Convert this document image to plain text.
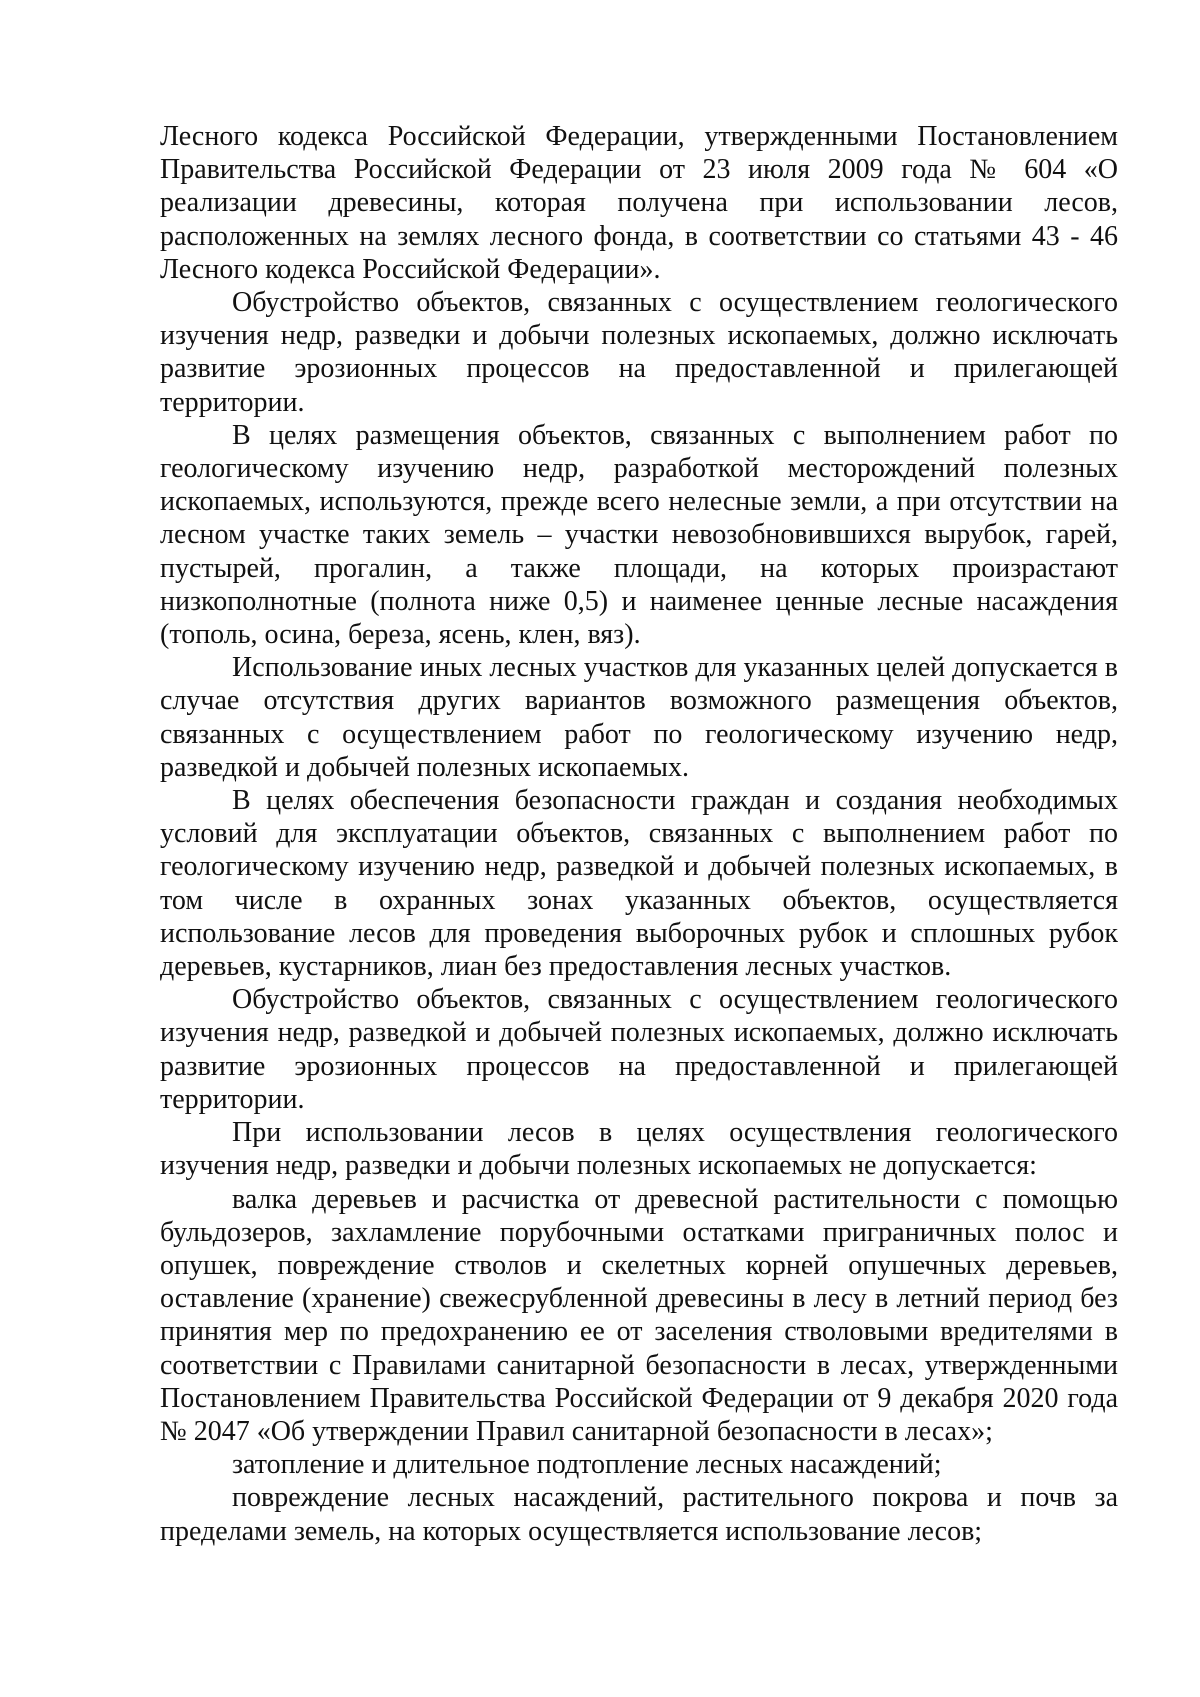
Лесного кодекса Российской Федерации, утвержденными Постановлением Правительства Российской Федерации от 23 июля 2009 года № 604 «О реализации древесины, которая получена при использовании лесов, расположенных на землях лесного фонда, в соответствии со статьями 43 - 46 Лесного кодекса Российской Федерации».

Обустройство объектов, связанных с осуществлением геологического изучения недр, разведки и добычи полезных ископаемых, должно исключать развитие эрозионных процессов на предоставленной и прилегающей территории.

В целях размещения объектов, связанных с выполнением работ по геологическому изучению недр, разработкой месторождений полезных ископаемых, используются, прежде всего нелесные земли, а при отсутствии на лесном участке таких земель – участки невозобновившихся вырубок, гарей, пустырей, прогалин, а также площади, на которых произрастают низкополнотные (полнота ниже 0,5) и наименее ценные лесные насаждения (тополь, осина, береза, ясень, клен, вяз).

Использование иных лесных участков для указанных целей допускается в случае отсутствия других вариантов возможного размещения объектов, связанных с осуществлением работ по геологическому изучению недр, разведкой и добычей полезных ископаемых.

В целях обеспечения безопасности граждан и создания необходимых условий для эксплуатации объектов, связанных с выполнением работ по геологическому изучению недр, разведкой и добычей полезных ископаемых, в том числе в охранных зонах указанных объектов, осуществляется использование лесов для проведения выборочных рубок и сплошных рубок деревьев, кустарников, лиан без предоставления лесных участков.

Обустройство объектов, связанных с осуществлением геологического изучения недр, разведкой и добычей полезных ископаемых, должно исключать развитие эрозионных процессов на предоставленной и прилегающей территории.

При использовании лесов в целях осуществления геологического изучения недр, разведки и добычи полезных ископаемых не допускается:

валка деревьев и расчистка от древесной растительности с помощью бульдозеров, захламление порубочными остатками приграничных полос и опушек, повреждение стволов и скелетных корней опушечных деревьев, оставление (хранение) свежесрубленной древесины в лесу в летний период без принятия мер по предохранению ее от заселения стволовыми вредителями в соответствии с Правилами санитарной безопасности в лесах, утвержденными Постановлением Правительства Российской Федерации от 9 декабря 2020 года № 2047 «Об утверждении Правил санитарной безопасности в лесах»;

затопление и длительное подтопление лесных насаждений;

повреждение лесных насаждений, растительного покрова и почв за пределами земель, на которых осуществляется использование лесов;
